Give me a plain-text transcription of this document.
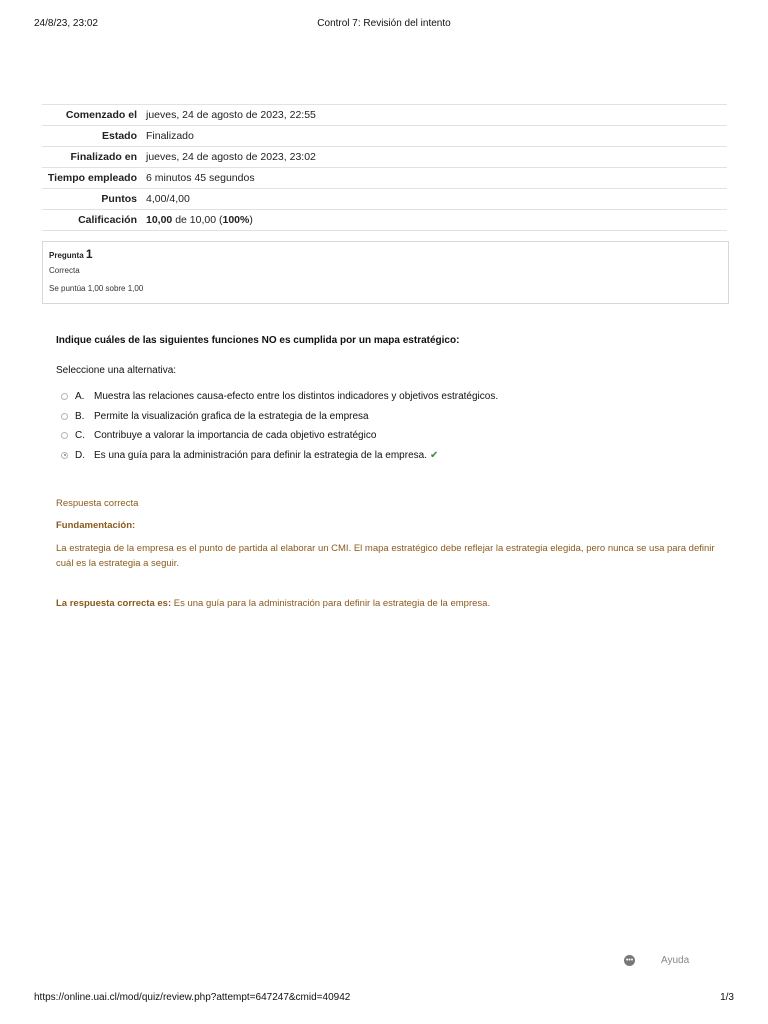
24/8/23, 23:02	Control 7: Revisión del intento
Comenzado el	jueves, 24 de agosto de 2023, 22:55
Estado	Finalizado
Finalizado en	jueves, 24 de agosto de 2023, 23:02
Tiempo empleado	6 minutos 45 segundos
Puntos	4,00/4,00
Calificación	10,00 de 10,00 (100%)
Pregunta 1
Correcta
Se puntúa 1,00 sobre 1,00
Indique cuáles de las siguientes funciones NO es cumplida por un mapa estratégico:
Seleccione una alternativa:
A. Muestra las relaciones causa-efecto entre los distintos indicadores y objetivos estratégicos.
B. Permite la visualización grafica de la estrategia de la empresa
C. Contribuye a valorar la importancia de cada objetivo estratégico
D. Es una guía para la administración para definir la estrategia de la empresa. ✔
Respuesta correcta
Fundamentación:
La estrategia de la empresa es el punto de partida al elaborar un CMI. El mapa estratégico debe reflejar la estrategia elegida, pero nunca se usa para definir cuál es la estrategia a seguir.
La respuesta correcta es: Es una guía para la administración para definir la estrategia de la empresa.
•••	Ayuda
https://online.uai.cl/mod/quiz/review.php?attempt=647247&cmid=40942	1/3
